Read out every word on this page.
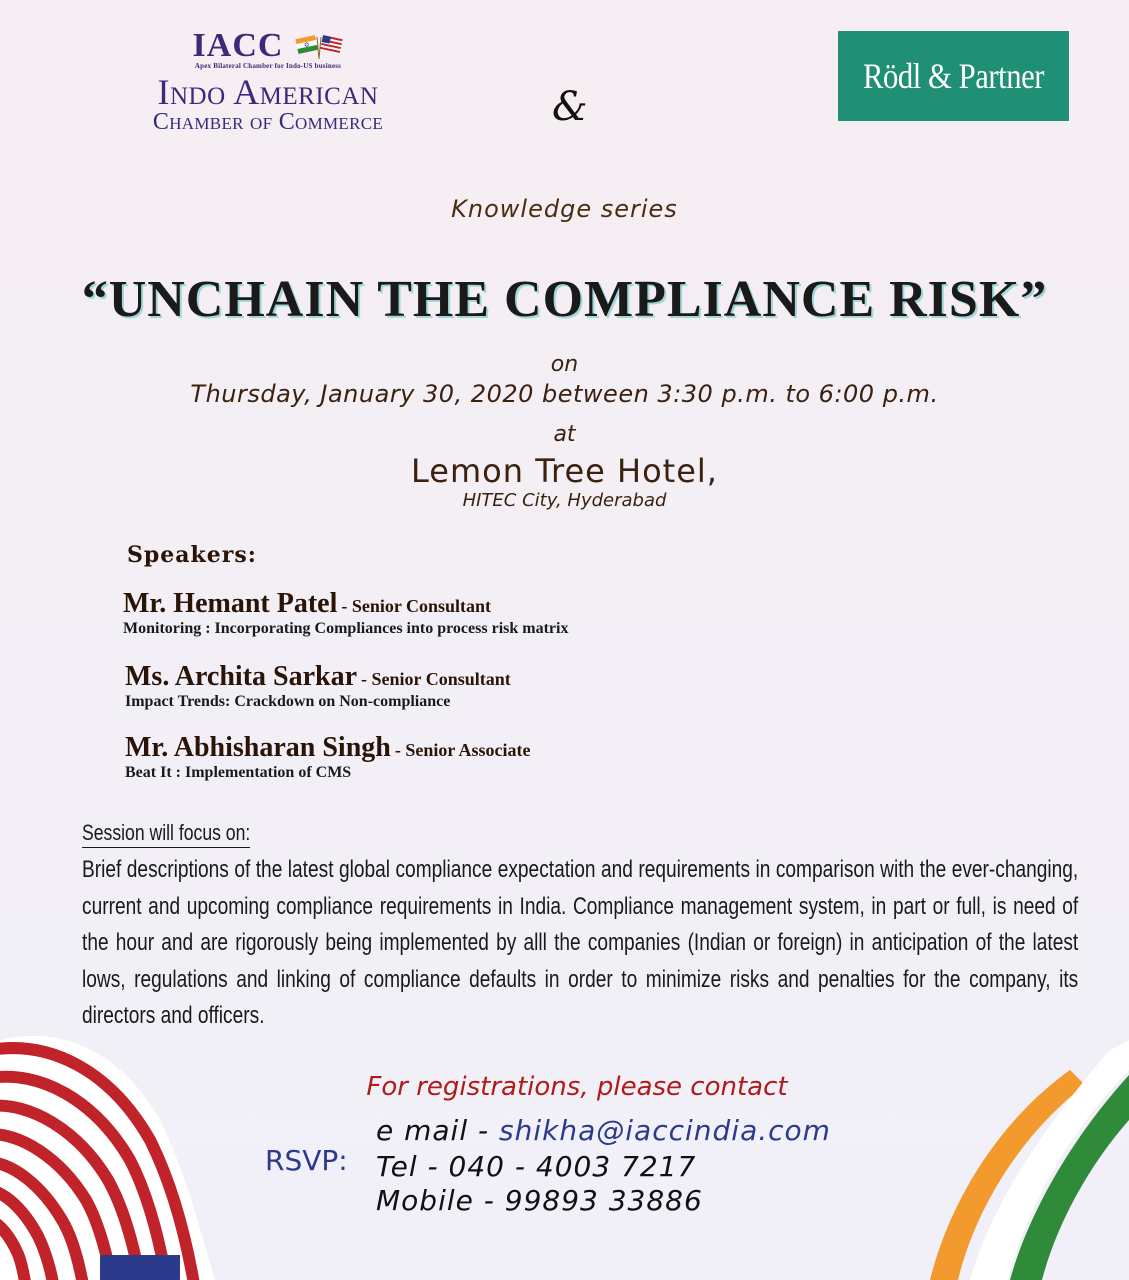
IACC
Apex Bilateral Chamber for Indo-US business
Indo American
Chamber of Commerce	&
Rödl & Partner
Knowledge series
“UNCHAIN THE COMPLIANCE RISK”
on
Thursday, January 30, 2020 between 3:30 p.m. to 6:00 p.m.
at
Lemon Tree Hotel,
HITEC City, Hyderabad
Speakers:
Mr. Hemant Patel - Senior Consultant
Monitoring : Incorporating Compliances into process risk matrix
Ms. Archita Sarkar - Senior Consultant
Impact Trends: Crackdown on Non-compliance
Mr. Abhisharan Singh - Senior Associate
Beat It : Implementation of CMS
Session will focus on:
Brief descriptions of the latest global compliance expectation and requirements in comparison with the ever-changing, current and upcoming compliance requirements in India. Compliance management system, in part or full, is need of the hour and are rigorously being implemented by alll the companies (Indian or foreign) in anticipation of the latest lows, regulations and linking of compliance defaults in order to minimize risks and penalties for the company, its directors and officers.
For registrations, please contact
RSVP:
e mail - shikha@iaccindia.com
Tel - 040 - 4003 7217
Mobile - 99893 33886
